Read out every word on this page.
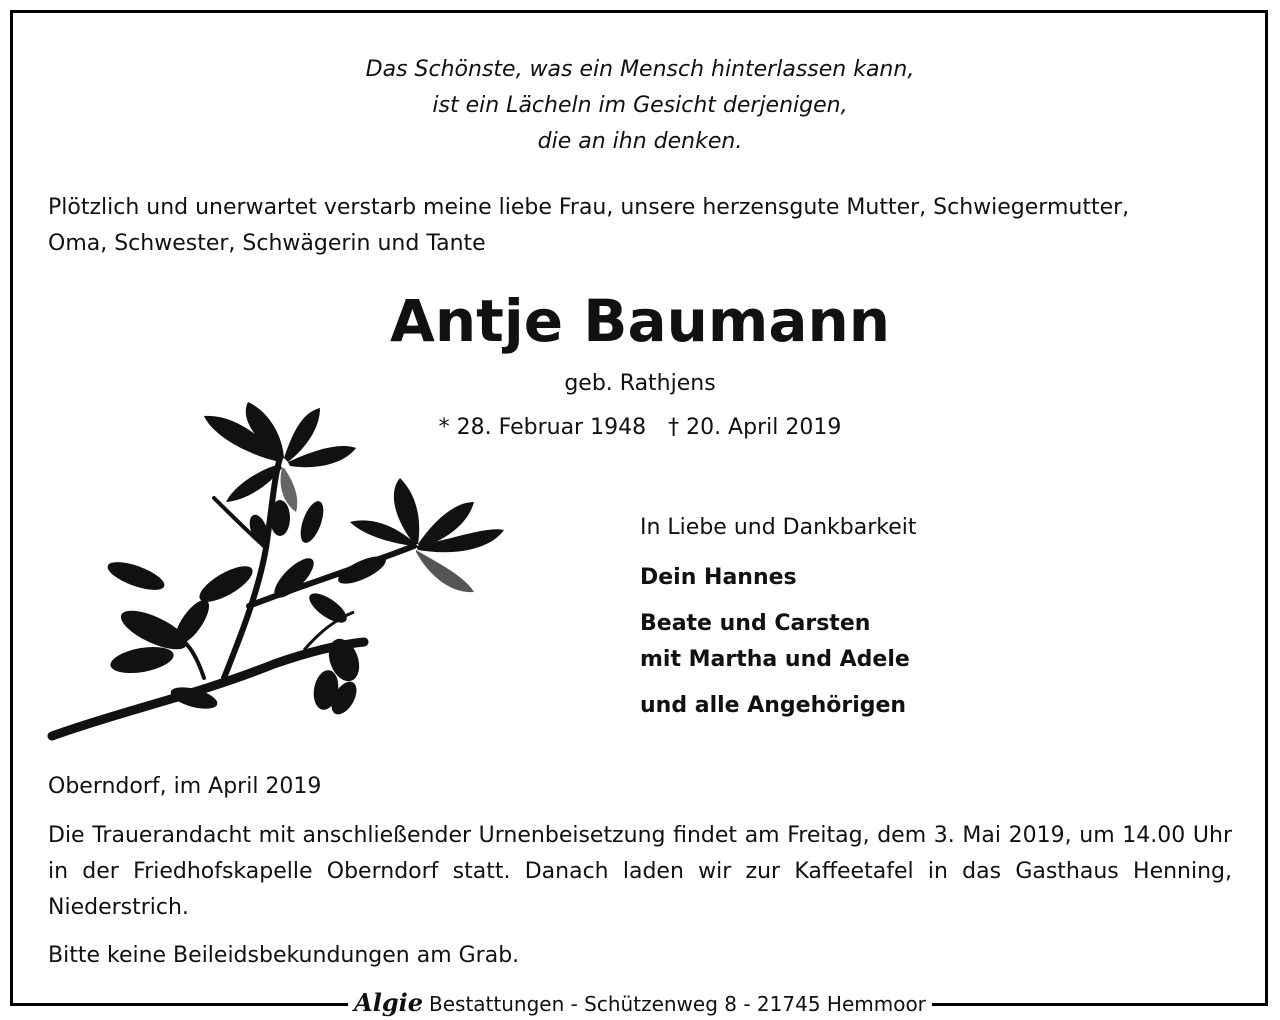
Das Schönste, was ein Mensch hinterlassen kann,
ist ein Lächeln im Gesicht derjenigen,
die an ihn denken.
Plötzlich und unerwartet verstarb meine liebe Frau, unsere herzensgute Mutter, Schwiegermutter,
Oma, Schwester, Schwägerin und Tante
Antje Baumann
geb. Rathjens
* 28. Februar 1948 † 20. April 2019
In Liebe und Dankbarkeit
Dein Hannes
Beate und Carsten
mit Martha und Adele
und alle Angehörigen
Oberndorf, im April 2019
Die Trauerandacht mit anschließender Urnenbeisetzung findet am Freitag, dem 3. Mai 2019, um 14.00 Uhr in der Friedhofskapelle Oberndorf statt. Danach laden wir zur Kaffeetafel in das Gasthaus Henning, Niederstrich.
Bitte keine Beileidsbekundungen am Grab.
Algie Bestattungen - Schützenweg 8 - 21745 Hemmoor
